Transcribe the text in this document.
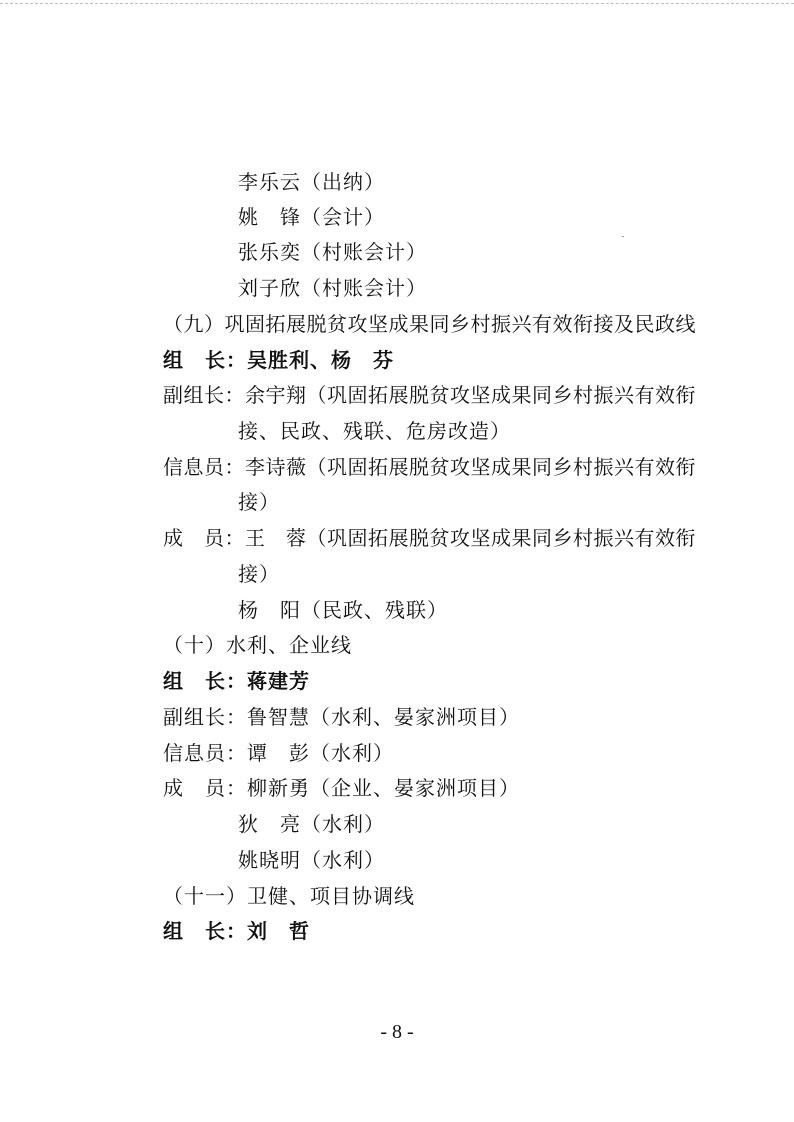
李乐云（出纳）
姚　锋（会计）
张乐奕（村账会计）
刘子欣（村账会计）
（九）巩固拓展脱贫攻坚成果同乡村振兴有效衔接及民政线
组　长：吴胜利、杨　芬
副组长：余宇翔（巩固拓展脱贫攻坚成果同乡村振兴有效衔
接、民政、残联、危房改造）
信息员：李诗薇（巩固拓展脱贫攻坚成果同乡村振兴有效衔
接）
成　员：王　蓉（巩固拓展脱贫攻坚成果同乡村振兴有效衔
接）
杨　阳（民政、残联）
（十）水利、企业线
组　长：蒋建芳
副组长：鲁智慧（水利、晏家洲项目）
信息员：谭　彭（水利）
成　员：柳新勇（企业、晏家洲项目）
狄　亮（水利）
姚晓明（水利）
（十一）卫健、项目协调线
组　长：刘　哲
- 8 -
